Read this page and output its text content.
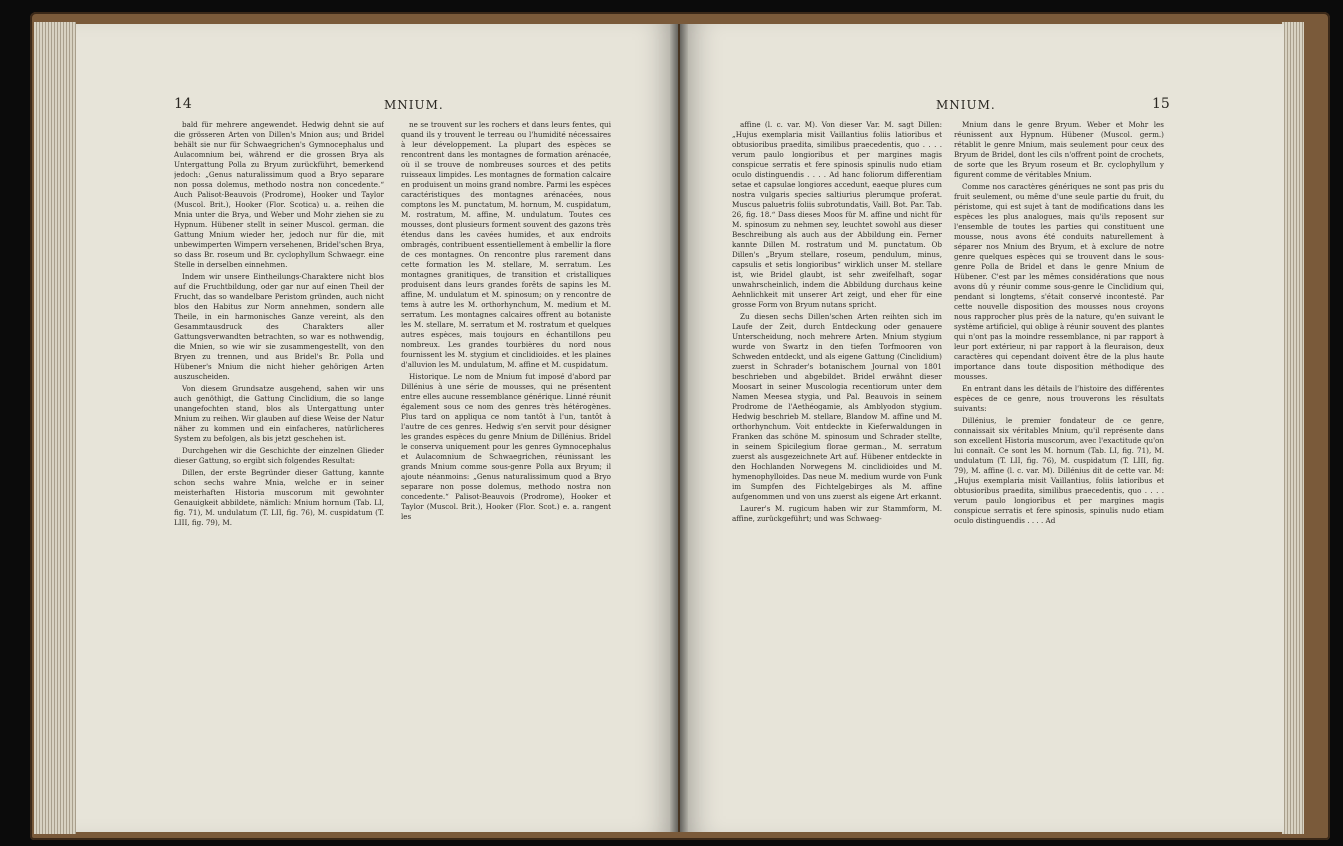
14	MNIUM.

bald für mehrere angewendet. Hedwig dehnt sie auf die grösseren Arten von Dillen's Mnion aus; und Bridel behält sie nur für Schwaegrichen's Gymnocephalus und Aulacomnium bei, während er die grossen Brya als Untergattung Polla zu Bryum zurückführt, bemerkend jedoch: „Genus naturalissimum quod a Bryo separare non possa dolemus, methodo nostra non concedente.“ Auch Palisot-Beauvois (Prodrome), Hooker und Taylor (Muscol. Brit.), Hooker (Flor. Scotica) u. a. reihen die Mnia unter die Brya, und Weber und Mohr ziehen sie zu Hypnum. Hübener stellt in seiner Muscol. german. die Gattung Mnium wieder her, jedoch nur für die, mit unbewimperten Wimpern versehenen, Bridel'schen Brya, so dass Br. roseum und Br. cyclophyllum Schwaegr. eine Stelle in derselben einnehmen.

Indem wir unsere Eintheilungs-Charaktere nicht blos auf die Fruchtbildung, oder gar nur auf einen Theil der Frucht, das so wandelbare Peristom gründen, auch nicht blos den Habitus zur Norm annehmen, sondern alle Theile, in ein harmonisches Ganze vereint, als den Gesammtausdruck des Charakters aller Gattungsverwandten betrachten, so war es nothwendig, die Mnien, so wie wir sie zusammengestellt, von den Bryen zu trennen, und aus Bridel's Br. Polla und Hübener's Mnium die nicht hieher gehörigen Arten auszuscheiden.

Von diesem Grundsatze ausgehend, sahen wir uns auch genöthigt, die Gattung Cinclidium, die so lange unangefochten stand, blos als Untergattung unter Mnium zu reihen. Wir glauben auf diese Weise der Natur näher zu kommen und ein einfacheres, natürlicheres System zu befolgen, als bis jetzt geschehen ist.

Durchgehen wir die Geschichte der einzelnen Glieder dieser Gattung, so ergibt sich folgendes Resultat:

Dillen, der erste Begründer dieser Gattung, kannte schon sechs wahre Mnia, welche er in seiner meisterhaften Historia muscorum mit gewohnter Genauigkeit abbildete, nämlich: Mnium hornum (Tab. LI, fig. 71), M. undulatum (T. LII, fig. 76), M. cuspidatum (T. LIII, fig. 79), M.

ne se trouvent sur les rochers et dans leurs fentes, qui quand ils y trouvent le terreau ou l'humidité nécessaires à leur développement. La plupart des espèces se rencontrent dans les montagnes de formation arénacée, où il se trouve de nombreuses sources et des petits ruisseaux limpides. Les montagnes de formation calcaire en produisent un moins grand nombre. Parmi les espèces caractéristiques des montagnes arénacées, nous comptons les M. punctatum, M. hornum, M. cuspidatum, M. rostratum, M. affine, M. undulatum. Toutes ces mousses, dont plusieurs forment souvent des gazons très étendus dans les cavées humides, et aux endroits ombragés, contribuent essentiellement à embellir la flore de ces montagnes. On rencontre plus rarement dans cette formation les M. stellare, M. serratum. Les montagnes granitiques, de transition et cristalliques produisent dans leurs grandes forêts de sapins les M. affine, M. undulatum et M. spinosum; on y rencontre de tems à autre les M. orthorhynchum, M. medium et M. serratum. Les montagnes calcaires offrent au botaniste les M. stellare, M. serratum et M. rostratum et quelques autres espèces, mais toujours en échantillons peu nombreux. Les grandes tourbières du nord nous fournissent les M. stygium et cinclidioides. et les plaines d'alluvion les M. undulatum, M. affine et M. cuspidatum.

Historique. Le nom de Mnium fut imposé d'abord par Dillénius à une série de mousses, qui ne présentent entre elles aucune ressemblance générique. Linné réunit également sous ce nom des genres très hétérogènes. Plus tard on appliqua ce nom tantôt à l'un, tantôt à l'autre de ces genres. Hedwig s'en servit pour désigner les grandes espèces du genre Mnium de Dillénius. Bridel le conserva uniquement pour les genres Gymnocephalus et Aulacomnium de Schwaegrichen, réunissant les grands Mnium comme sous-genre Polla aux Bryum; il ajoute néanmoins: „Genus naturalissimum quod a Bryo separare non posse dolemus, methodo nostra non concedente.“ Palisot-Beauvois (Prodrome), Hooker et Taylor (Muscol. Brit.), Hooker (Flor. Scot.) e. a. rangent les

MNIUM.	15

affine (l. c. var. M). Von dieser Var. M. sagt Dillen: „Hujus exemplaria misit Vaillantius foliis latioribus et obtusioribus praedita, similibus praecedentis, quo . . . . verum paulo longioribus et per margines magis conspicue serratis et fere spinosis spinulis nudo etiam oculo distinguendis . . . . Ad hanc foliorum differentiam setae et capsulae longiores accedunt, eaeque plures cum nostra vulgaris species saltiurius plerumque proferat. Muscus paluetris foliis subrotundatis, Vaill. Bot. Par. Tab. 26, fig. 18.“ Dass dieses Moos für M. affine und nicht für M. spinosum zu nehmen sey, leuchtet sowohl aus dieser Beschreibung als auch aus der Abbildung ein. Ferner kannte Dillen M. rostratum und M. punctatum. Ob Dillen's „Bryum stellare, roseum, pendulum, minus, capsulis et setis longioribus“ wirklich unser M. stellare ist, wie Bridel glaubt, ist sehr zweifelhaft, sogar unwahrscheinlich, indem die Abbildung durchaus keine Aehnlichkeit mit unserer Art zeigt, und eher für eine grosse Form von Bryum nutans spricht.

Zu diesen sechs Dillen'schen Arten reihten sich im Laufe der Zeit, durch Entdeckung oder genauere Unterscheidung, noch mehrere Arten. Mnium stygium wurde von Swartz in den tiefen Torfmooren von Schweden entdeckt, und als eigene Gattung (Cinclidium) zuerst in Schrader's botanischem Journal von 1801 beschrieben und abgebildet. Bridel erwähnt dieser Moosart in seiner Muscologia recentiorum unter dem Namen Meesea stygia, und Pal. Beauvois in seinem Prodrome de l'Aethéogamie, als Amblyodon stygium. Hedwig beschrieb M. stellare, Blandow M. affine und M. orthorhynchum. Voit entdeckte in Kieferwaldungen in Franken das schöne M. spinosum und Schrader stellte, in seinem Spicilegium florae german., M. serratum zuerst als ausgezeichnete Art auf. Hübener entdeckte in den Hochlanden Norwegens M. cinclidioides und M. hymenophylloides. Das neue M. medium wurde von Funk im Sumpfen des Fichtelgebirges als M. affine aufgenommen und von uns zuerst als eigene Art erkannt.

Laurer's M. rugicum haben wir zur Stammform, M. affine, zurückgeführt; und was Schwaeg-

Mnium dans le genre Bryum. Weber et Mohr les réunissent aux Hypnum. Hübener (Muscol. germ.) rétablit le genre Mnium, mais seulement pour ceux des Bryum de Bridel, dont les cils n'offrent point de crochets, de sorte que les Bryum roseum et Br. cyclophyllum y figurent comme de véritables Mnium.

Comme nos caractères génériques ne sont pas pris du fruit seulement, ou même d'une seule partie du fruit, du péristome, qui est sujet à tant de modifications dans les espèces les plus analogues, mais qu'ils reposent sur l'ensemble de toutes les parties qui constituent une mousse, nous avons été conduits naturellement à séparer nos Mnium des Bryum, et à exclure de notre genre quelques espèces qui se trouvent dans le sous-genre Polla de Bridel et dans le genre Mnium de Hübener. C'est par les mêmes considérations que nous avons dû y réunir comme sous-genre le Cinclidium qui, pendant si longtems, s'était conservé incontesté. Par cette nouvelle disposition des mousses nous croyons nous rapprocher plus près de la nature, qu'en suivant le système artificiel, qui oblige à réunir souvent des plantes qui n'ont pas la moindre ressemblance, ni par rapport à leur port extérieur, ni par rapport à la fleuraison, deux caractères qui cependant doivent être de la plus haute importance dans toute disposition méthodique des mousses.

En entrant dans les détails de l'histoire des différentes espèces de ce genre, nous trouverons les résultats suivants:

Dillénius, le premier fondateur de ce genre, connaissait six véritables Mnium, qu'il représente dans son excellent Historia muscorum, avec l'exactitude qu'on lui connaît. Ce sont les M. hornum (Tab. LI, fig. 71), M. undulatum (T. LII, fig. 76), M. cuspidatum (T. LIII, fig. 79), M. affine (l. c. var. M). Dillénius dit de cette var. M: „Hujus exemplaria misit Vaillantius, foliis latioribus et obtusioribus praedita, similibus praecedentis, quo . . . . verum paulo longioribus et per margines magis conspicue serratis et fere spinosis, spinulis nudo etiam oculo distinguendis . . . . Ad
